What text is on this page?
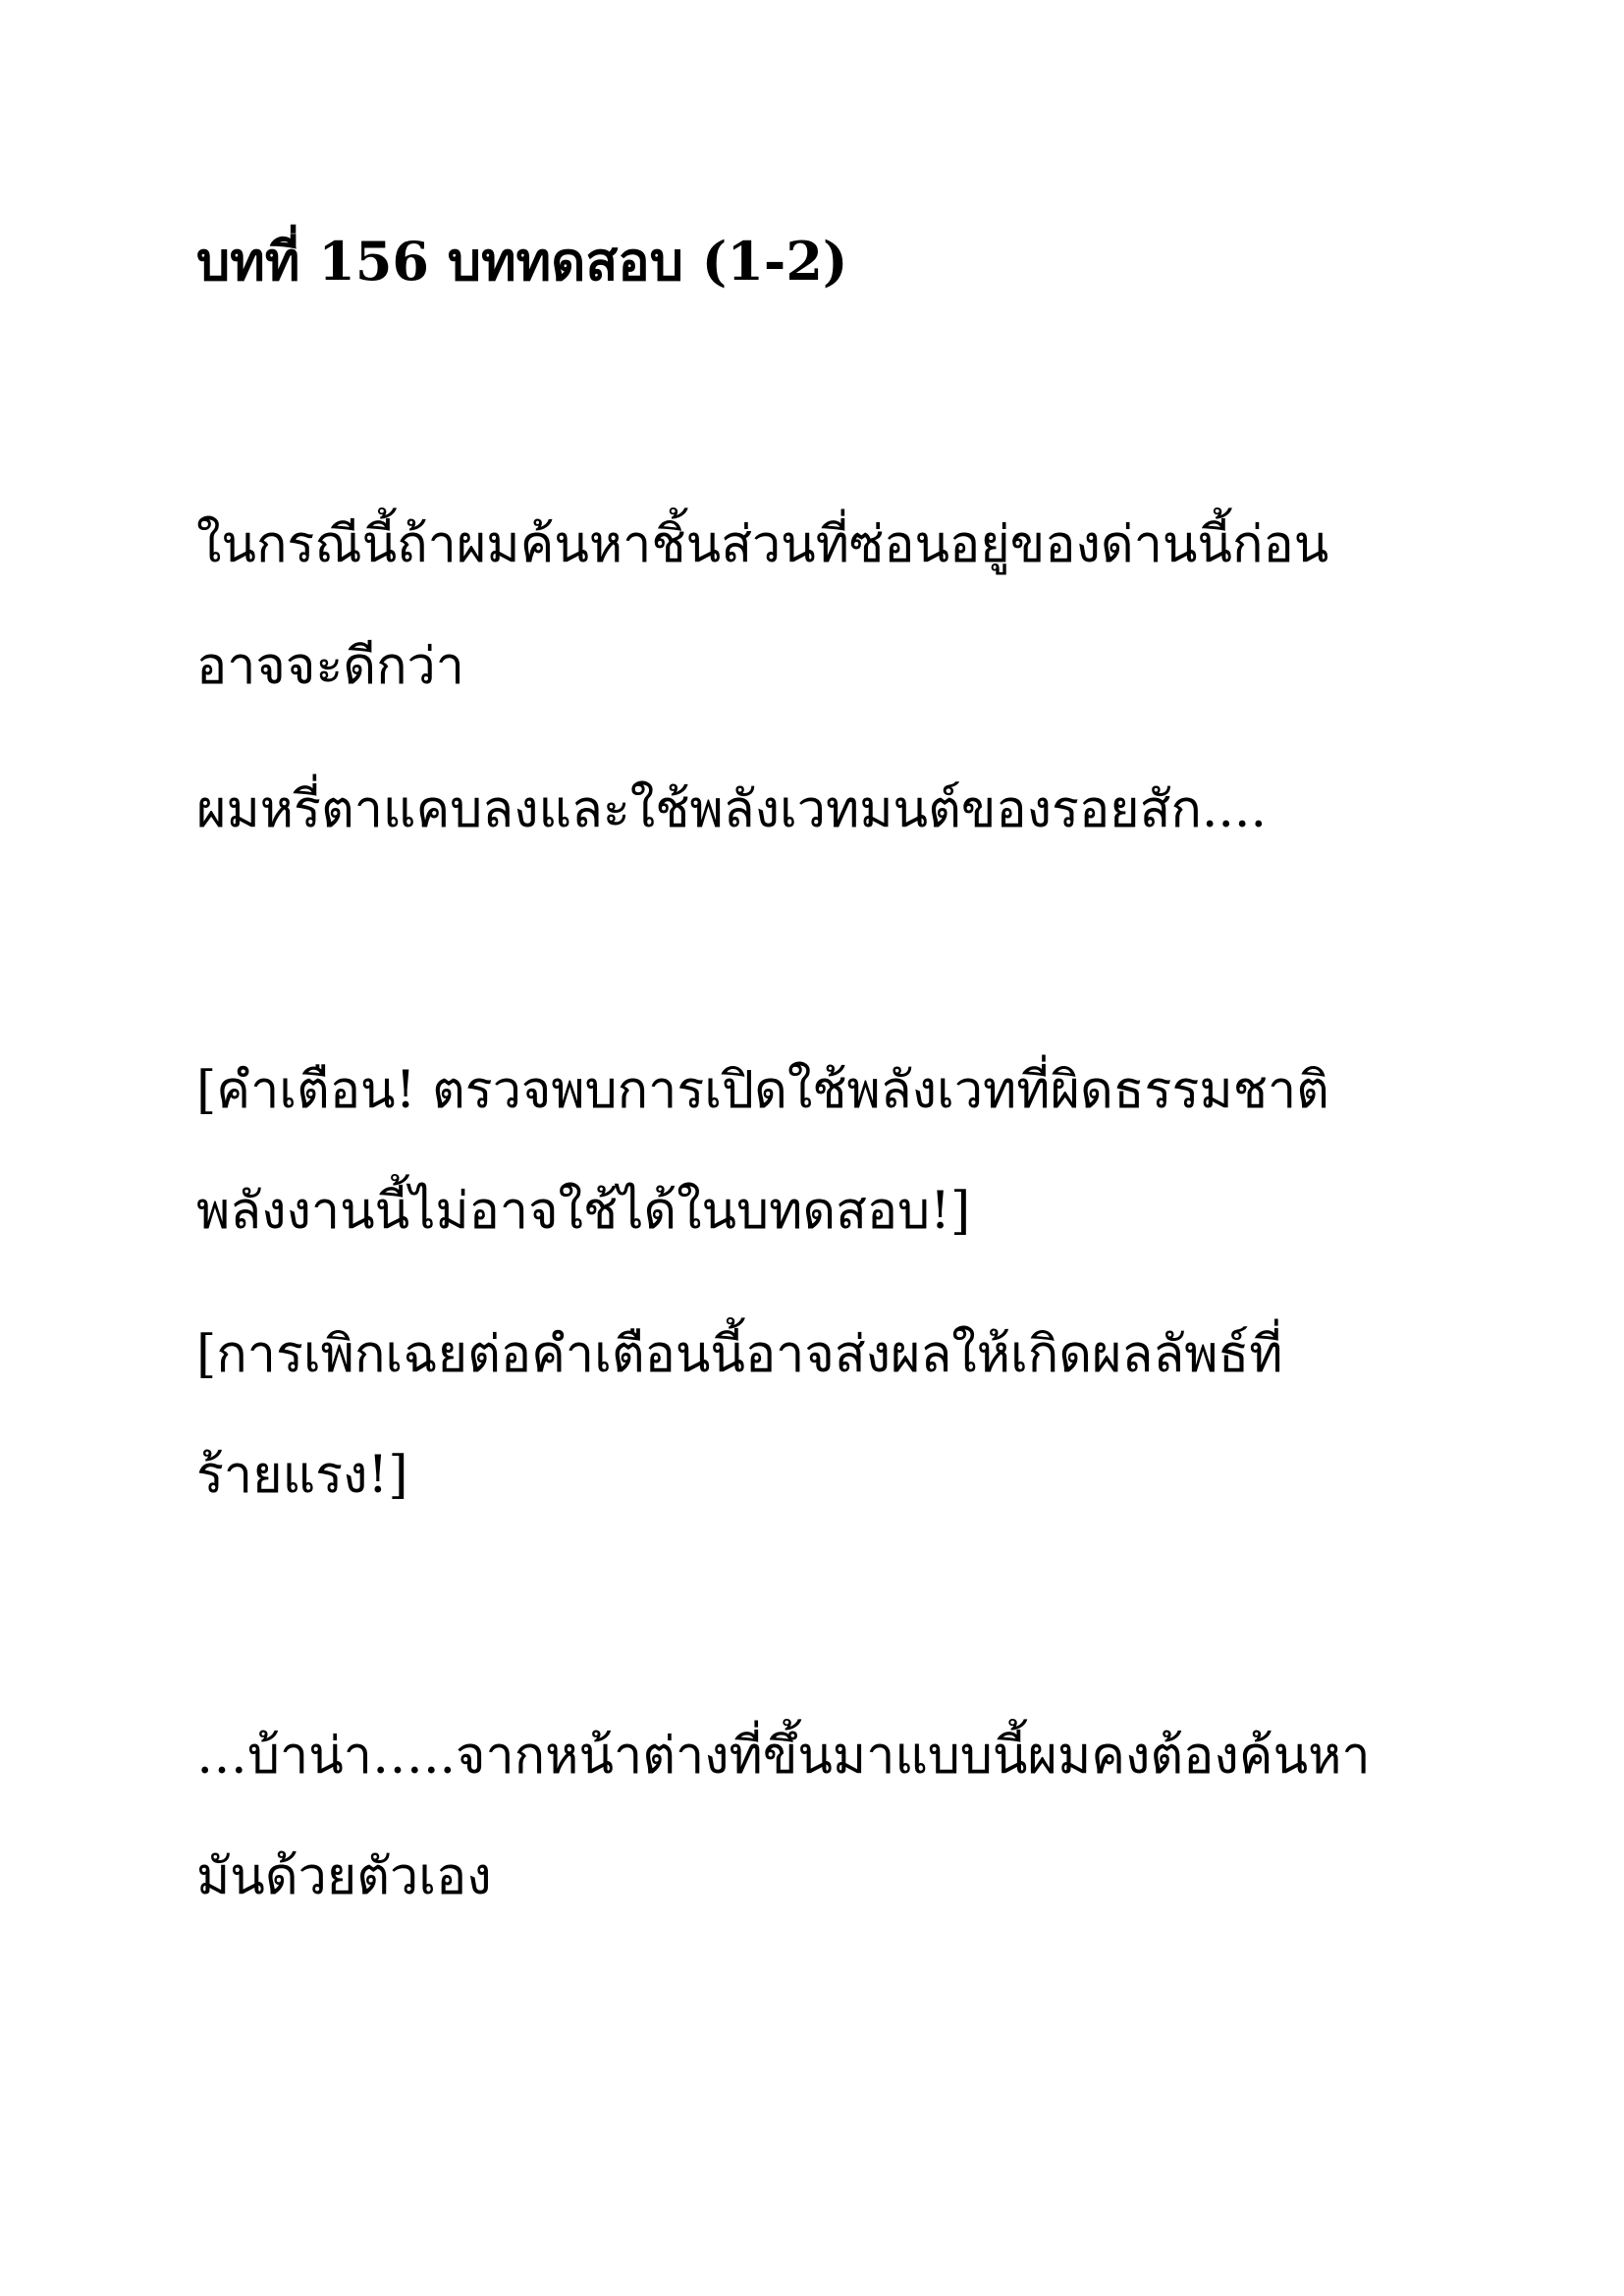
บทที่ 156 บททดสอบ (1-2)
ในกรณีนี้ถ้าผมค้นหาชิ้นส่วนที่ซ่อนอยู่ของด่านนี้ก่อน
อาจจะดีกว่า
ผมหรี่ตาแคบลงและใช้พลังเวทมนต์ของรอยสัก....
[คำเตือน! ตรวจพบการเปิดใช้พลังเวทที่ผิดธรรมชาติ
พลังงานนี้ไม่อาจใช้ได้ในบทดสอบ!]
[การเพิกเฉยต่อคำเตือนนี้อาจส่งผลให้เกิดผลลัพธ์ที่
ร้ายแรง!]
…บ้าน่า…..จากหน้าต่างที่ขึ้นมาแบบนี้ผมคงต้องค้นหา
มันด้วยตัวเอง
